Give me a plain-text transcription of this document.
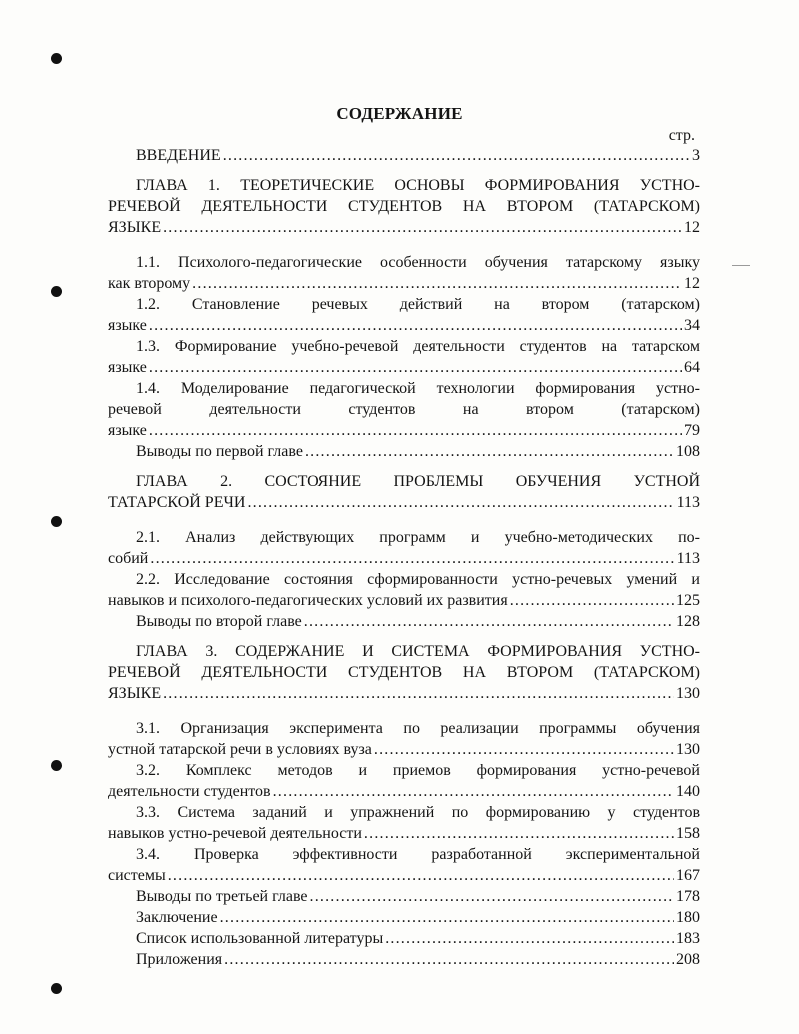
СОДЕРЖАНИЕ
стр.
ВВЕДЕНИЕ . . .	3
ГЛАВА 1. ТЕОРЕТИЧЕСКИЕ ОСНОВЫ ФОРМИРОВАНИЯ УСТНО-
РЕЧЕВОЙ ДЕЯТЕЛЬНОСТИ СТУДЕНТОВ НА ВТОРОМ (ТАТАРСКОМ)
ЯЗЫКЕ . . .	12
1.1. Психолого-педагогические особенности обучения татарскому языку
как второму . . .	12
1.2. Становление речевых действий на втором (татарском)
языке . . .	34
1.3. Формирование учебно-речевой деятельности студентов на татарском
языке . . .	64
1.4. Моделирование педагогической технологии формирования устно-
речевой деятельности студентов на втором (татарском)
языке . . .	79
Выводы по первой главе . . .	108
ГЛАВА 2. СОСТОЯНИЕ ПРОБЛЕМЫ ОБУЧЕНИЯ УСТНОЙ
ТАТАРСКОЙ РЕЧИ . . .	113
2.1. Анализ действующих программ и учебно-методических по-
собий . . .	113
2.2. Исследование состояния сформированности устно-речевых умений и
навыков и психолого-педагогических условий их развития . . .	125
Выводы по второй главе . . .	128
ГЛАВА 3. СОДЕРЖАНИЕ И СИСТЕМА ФОРМИРОВАНИЯ УСТНО-
РЕЧЕВОЙ ДЕЯТЕЛЬНОСТИ СТУДЕНТОВ НА ВТОРОМ (ТАТАРСКОМ)
ЯЗЫКЕ . . .	130
3.1. Организация эксперимента по реализации программы обучения
устной татарской речи в условиях вуза . . .	130
3.2. Комплекс методов и приемов формирования устно-речевой
деятельности студентов . . .	140
3.3. Система заданий и упражнений по формированию у студентов
навыков устно-речевой деятельности . . .	158
3.4. Проверка эффективности разработанной экспериментальной
системы . . .	167
Выводы по третьей главе . . .	178
Заключение . . .	180
Список использованной литературы . . .	183
Приложения . . .	208
